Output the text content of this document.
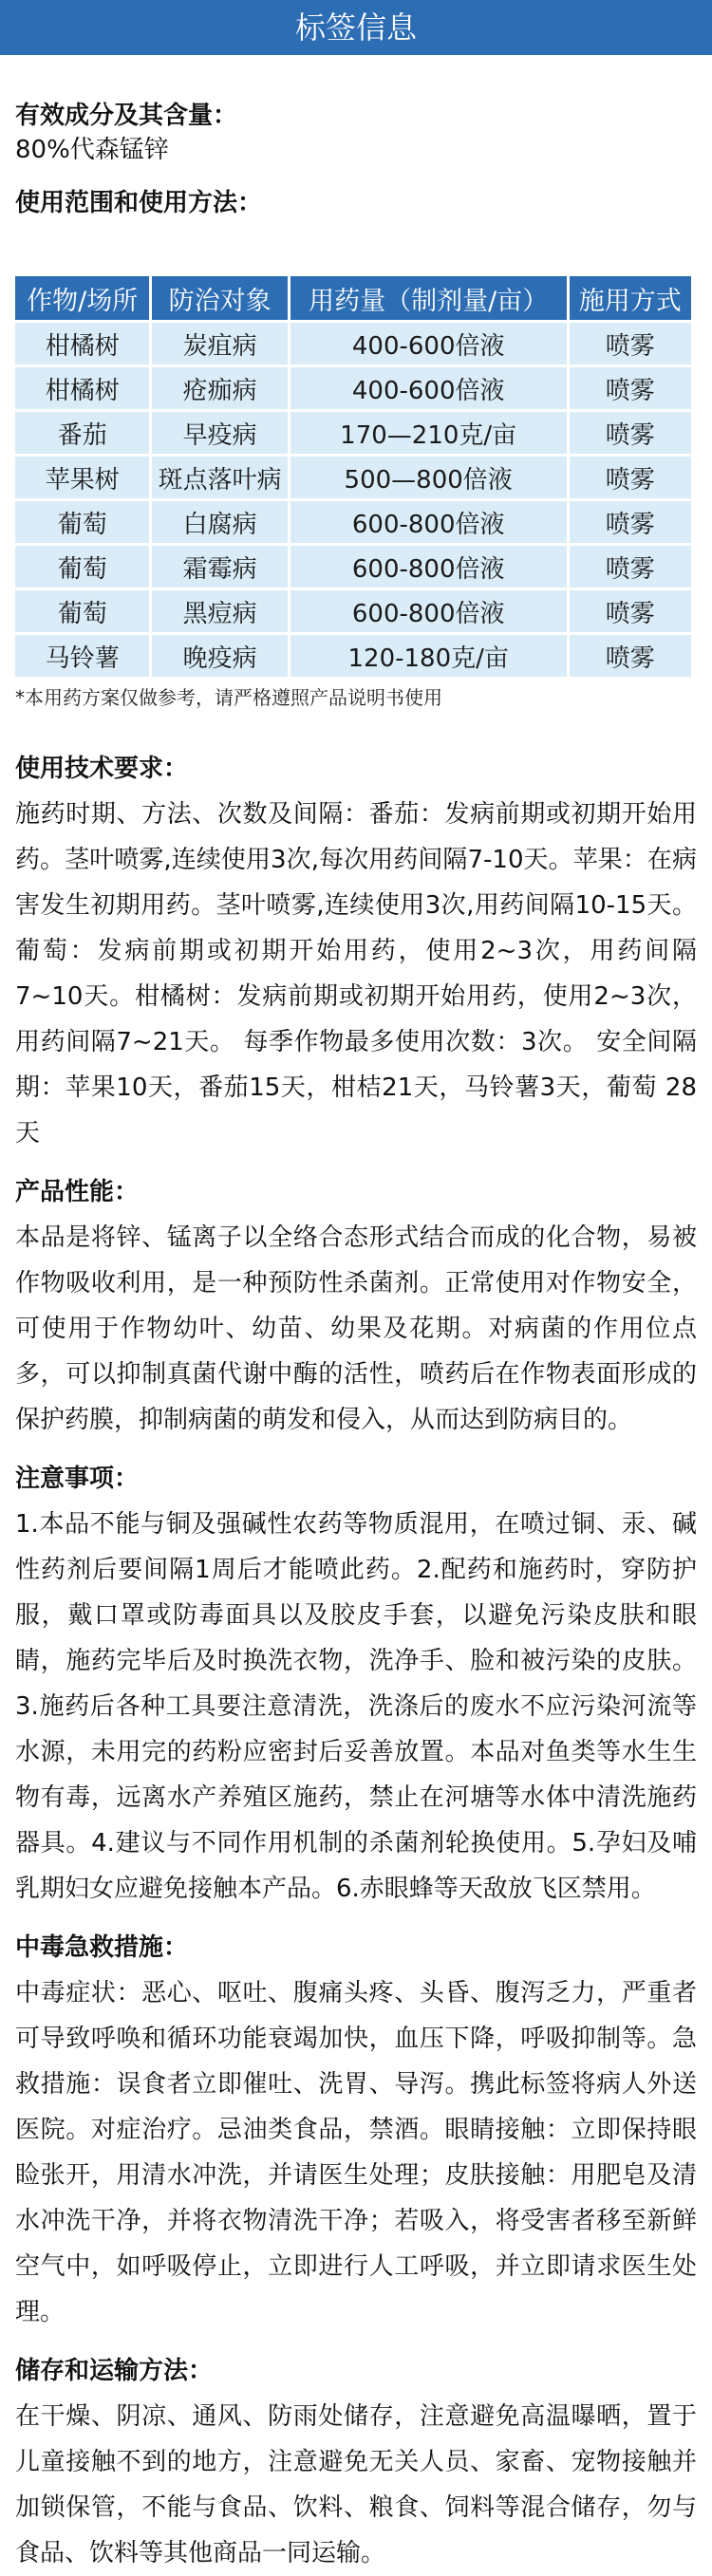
标签信息
有效成分及其含量：
80%代森锰锌
使用范围和使用方法：
作物/场所	防治对象	用药量（制剂量/亩）	施用方式
柑橘树	炭疽病	400-600倍液	喷雾
柑橘树	疮痂病	400-600倍液	喷雾
番茄	早疫病	170—210克/亩	喷雾
苹果树	斑点落叶病	500—800倍液	喷雾
葡萄	白腐病	600-800倍液	喷雾
葡萄	霜霉病	600-800倍液	喷雾
葡萄	黑痘病	600-800倍液	喷雾
马铃薯	晚疫病	120-180克/亩	喷雾
*本用药方案仅做参考，请严格遵照产品说明书使用
使用技术要求：
施药时期、方法、次数及间隔：番茄：发病前期或初期开始用药。茎叶喷雾,连续使用3次,每次用药间隔7-10天。苹果：在病害发生初期用药。茎叶喷雾,连续使用3次,用药间隔10-15天。葡萄：发病前期或初期开始用药，使用2~3次，用药间隔7~10天。柑橘树：发病前期或初期开始用药，使用2~3次，用药间隔7~21天。 每季作物最多使用次数：3次。 安全间隔期：苹果10天，番茄15天，柑桔21天，马铃薯3天，葡萄 28天
产品性能：
本品是将锌、锰离子以全络合态形式结合而成的化合物，易被作物吸收利用，是一种预防性杀菌剂。正常使用对作物安全，可使用于作物幼叶、幼苗、幼果及花期。对病菌的作用位点多，可以抑制真菌代谢中酶的活性，喷药后在作物表面形成的保护药膜，抑制病菌的萌发和侵入，从而达到防病目的。
注意事项：
1.本品不能与铜及强碱性农药等物质混用，在喷过铜、汞、碱性药剂后要间隔1周后才能喷此药。2.配药和施药时，穿防护服，戴口罩或防毒面具以及胶皮手套，以避免污染皮肤和眼睛，施药完毕后及时换洗衣物，洗净手、脸和被污染的皮肤。3.施药后各种工具要注意清洗，洗涤后的废水不应污染河流等水源，未用完的药粉应密封后妥善放置。本品对鱼类等水生生物有毒，远离水产养殖区施药，禁止在河塘等水体中清洗施药器具。4.建议与不同作用机制的杀菌剂轮换使用。5.孕妇及哺乳期妇女应避免接触本产品。6.赤眼蜂等天敌放飞区禁用。
中毒急救措施：
中毒症状：恶心、呕吐、腹痛头疼、头昏、腹泻乏力，严重者可导致呼唤和循环功能衰竭加快，血压下降，呼吸抑制等。急救措施：误食者立即催吐、洗胃、导泻。携此标签将病人外送医院。对症治疗。忌油类食品，禁酒。眼睛接触：立即保持眼睑张开，用清水冲洗，并请医生处理；皮肤接触：用肥皂及清水冲洗干净，并将衣物清洗干净；若吸入，将受害者移至新鲜空气中，如呼吸停止，立即进行人工呼吸，并立即请求医生处理。
储存和运输方法：
在干燥、阴凉、通风、防雨处储存，注意避免高温曝晒，置于儿童接触不到的地方，注意避免无关人员、家畜、宠物接触并加锁保管，不能与食品、饮料、粮食、饲料等混合储存，勿与食品、饮料等其他商品一同运输。
